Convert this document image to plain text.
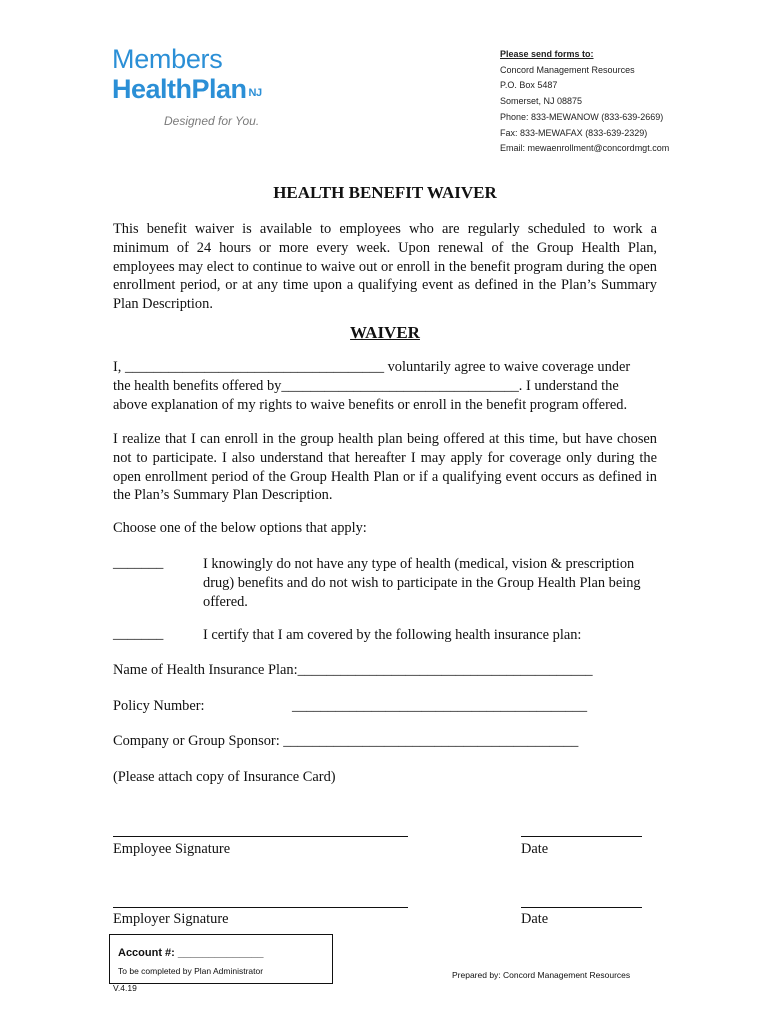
Members
HealthPlan $^{NJ}$
Designed for You.
Please send forms to:
Concord Management Resources
P.O. Box 5487
Somerset, NJ 08875
Phone: 833-MEWANOW (833-639-2669)
Fax: 833-MEWAFAX (833-639-2329)
Email: mewaenrollment@concordmgt.com
HEALTH BENEFIT WAIVER
This benefit waiver is available to employees who are regularly scheduled to work a minimum of 24 hours or more every week. Upon renewal of the Group Health Plan, employees may elect to continue to waive out or enroll in the benefit program during the open enrollment period, or at any time upon a qualifying event as defined in the Plan’s Summary Plan Description.
WAIVER
I, ____________________________________ voluntarily agree to waive coverage under
the health benefits offered by_________________________________. I understand the
above explanation of my rights to waive benefits or enroll in the benefit program offered.
I realize that I can enroll in the group health plan being offered at this time, but have chosen not to participate. I also understand that hereafter I may apply for coverage only during the open enrollment period of the Group Health Plan or if a qualifying event occurs as defined in the Plan’s Summary Plan Description.
Choose one of the below options that apply:
_______	I knowingly do not have any type of health (medical, vision & prescription drug) benefits and do not wish to participate in the Group Health Plan being offered.
_______	I certify that I am covered by the following health insurance plan:
Name of Health Insurance Plan:_________________________________________
Policy Number:	_________________________________________
Company or Group Sponsor: _________________________________________
(Please attach copy of Insurance Card)
Employee Signature	Date
Employer Signature	Date
Account #: ______________
To be completed by Plan Administrator
V.4.19
Prepared by: Concord Management Resources
